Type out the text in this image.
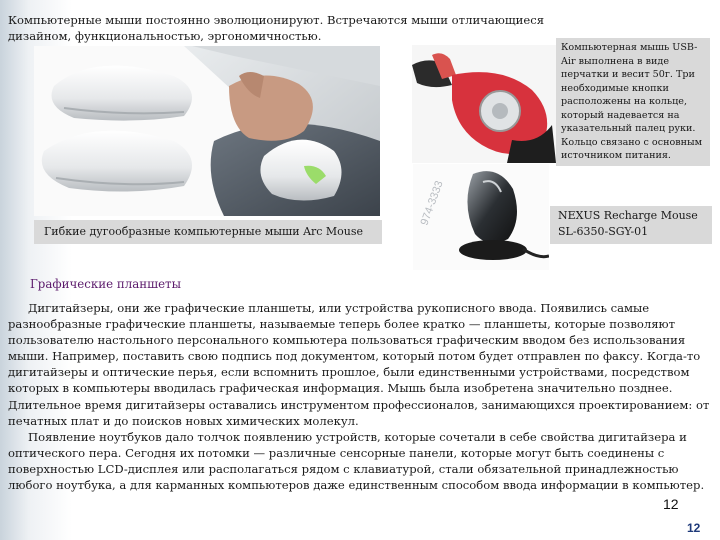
Компьютерные мыши постоянно эволюционируют. Встречаются мыши отличающиеся дизайном, функциональностью, эргономичностью.

Компьютерная мышь USB-Air выполнена в виде перчатки и весит 50г. Три необходимые кнопки расположены на кольце, который надевается на указательный палец руки. Кольцо связано с основным источником питания.

Гибкие дугообразные компьютерные мыши Arc Mouse

974-3333	NEXUS Recharge Mouse SL-6350-SGY-01

Графические планшеты

Дигитайзеры, они же графические планшеты, или устройства рукописного ввода. Появились самые разнообразные графические планшеты, называемые теперь более кратко — планшеты, которые позволяют пользователю настольного персонального компьютера пользоваться графическим вводом без использования мыши. Например, поставить свою подпись под документом, который потом будет отправлен по факсу. Когда-то дигитайзеры и оптические перья, если вспомнить прошлое, были единственными устройствами, посредством которых в компьютеры вводилась графическая информация. Мышь была изобретена значительно позднее. Длительное время дигитайзеры оставались инструментом профессионалов, занимающихся проектированием: от печатных плат и до поисков новых химических молекул.

Появление ноутбуков дало толчок появлению устройств, которые сочетали в себе свойства дигитайзера и оптического пера. Сегодня их потомки — различные сенсорные панели, которые могут быть соединены с поверхностью LCD-дисплея или располагаться рядом с клавиатурой, стали обязательной принадлежностью любого ноутбука, а для карманных компьютеров даже единственным способом ввода информации в компьютер.

12

12
